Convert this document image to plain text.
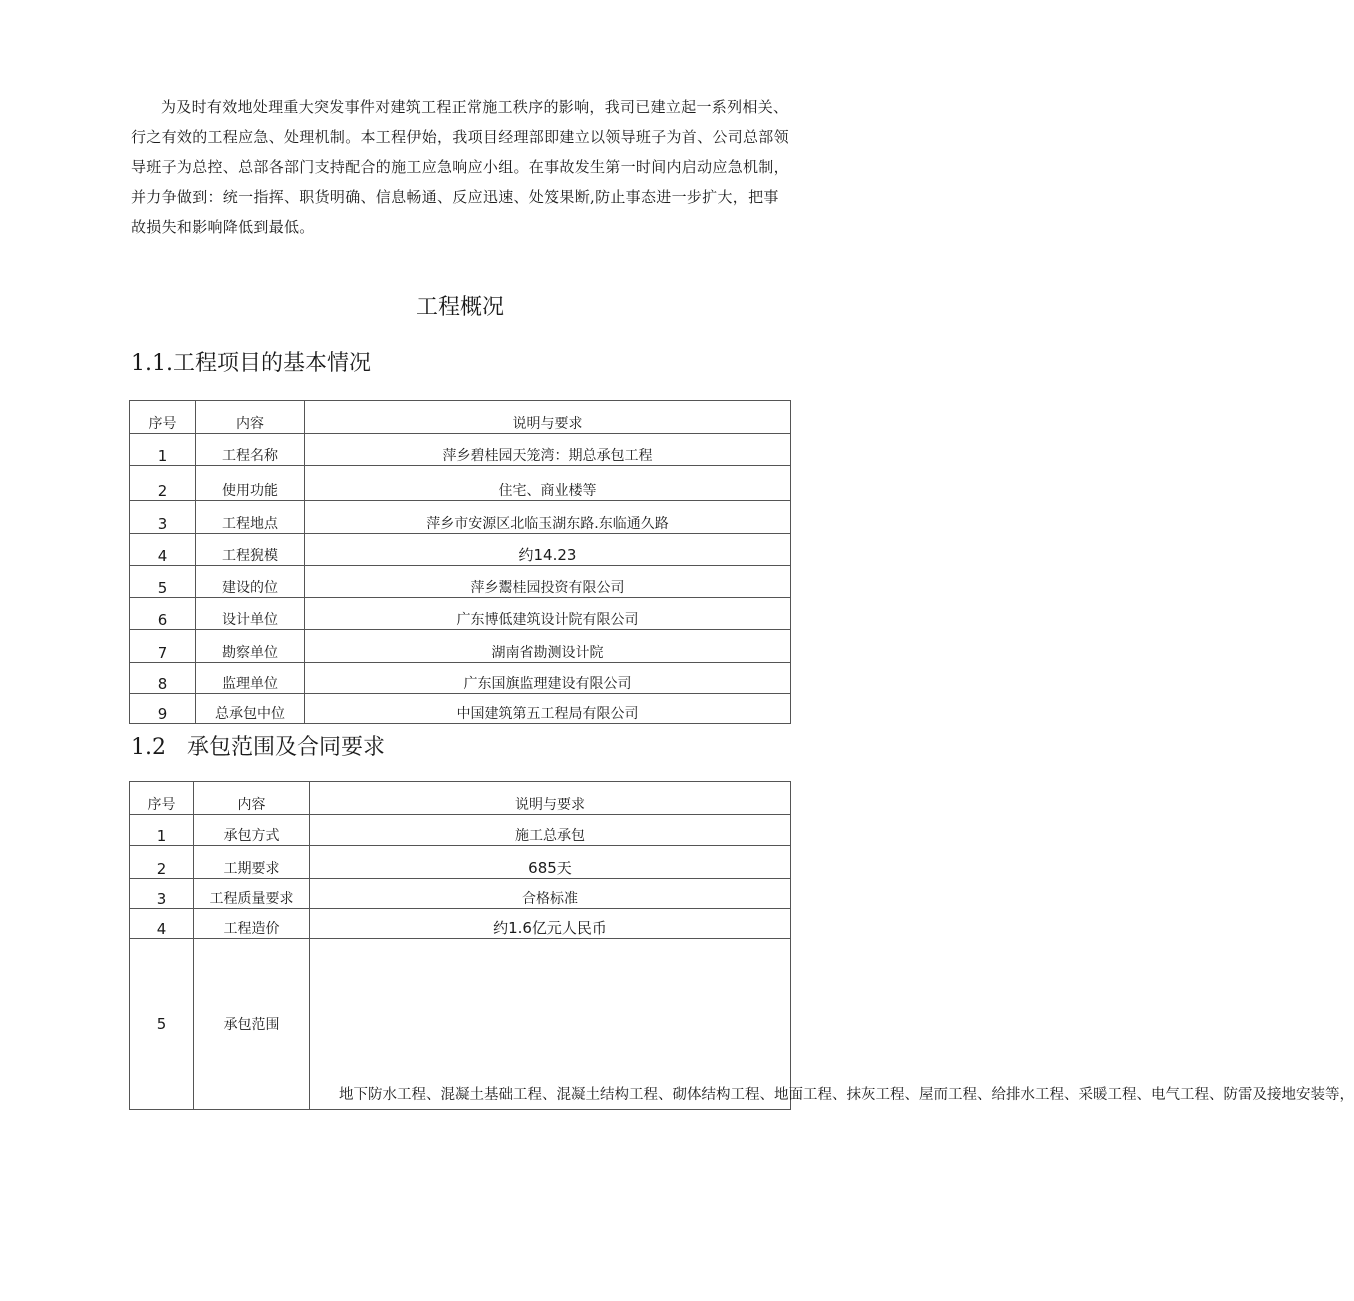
为及时有效地处理重大突发事件对建筑工程正常施工秩序的影响，我司已建立起一系列相关、行之有效的工程应急、处理机制。本工程伊始，我项目经理部即建立以领导班子为首、公司总部领导班子为总控、总部各部门支持配合的施工应急响应小组。在事故发生第一时间内启动应急机制，并力争做到：统一指挥、职货明确、信息畅通、反应迅速、处笈果断,防止事态进一步扩大，把事故损失和影响降低到最低。

工程概况
1.1.工程项目的基本情况
序号	内容	说明与要求
1	工程名称	萍乡碧桂园天笼湾：期总承包工程
2	使用功能	住宅、商业楼等
3	工程地点	萍乡市安源区北临玉湖东路.东临通久路
4	工程猊模	约14.23
5	建设的位	萍乡鬻桂园投资有限公司
6	设计单位	广东博低建筑设计院有限公司
7	勘察单位	湖南省勘测设计院
8	监理单位	广东国旗监理建设有限公司
9	总承包中位	中国建筑第五工程局有限公司
1.2   承包范围及合同要求
序号	内容	说明与要求
1	承包方式	施工总承包
2	工期要求	685天
3	工程质量要求	合格标准
4	工程造价	约1.6亿元人民币
5	承包范围	地下防水工程、混凝土基础工程、混凝土结构工程、砌体结构工程、地面工程、抹灰工程、屋而工程、给排水工程、采暖工程、电气工程、防雷及接地安装等，
